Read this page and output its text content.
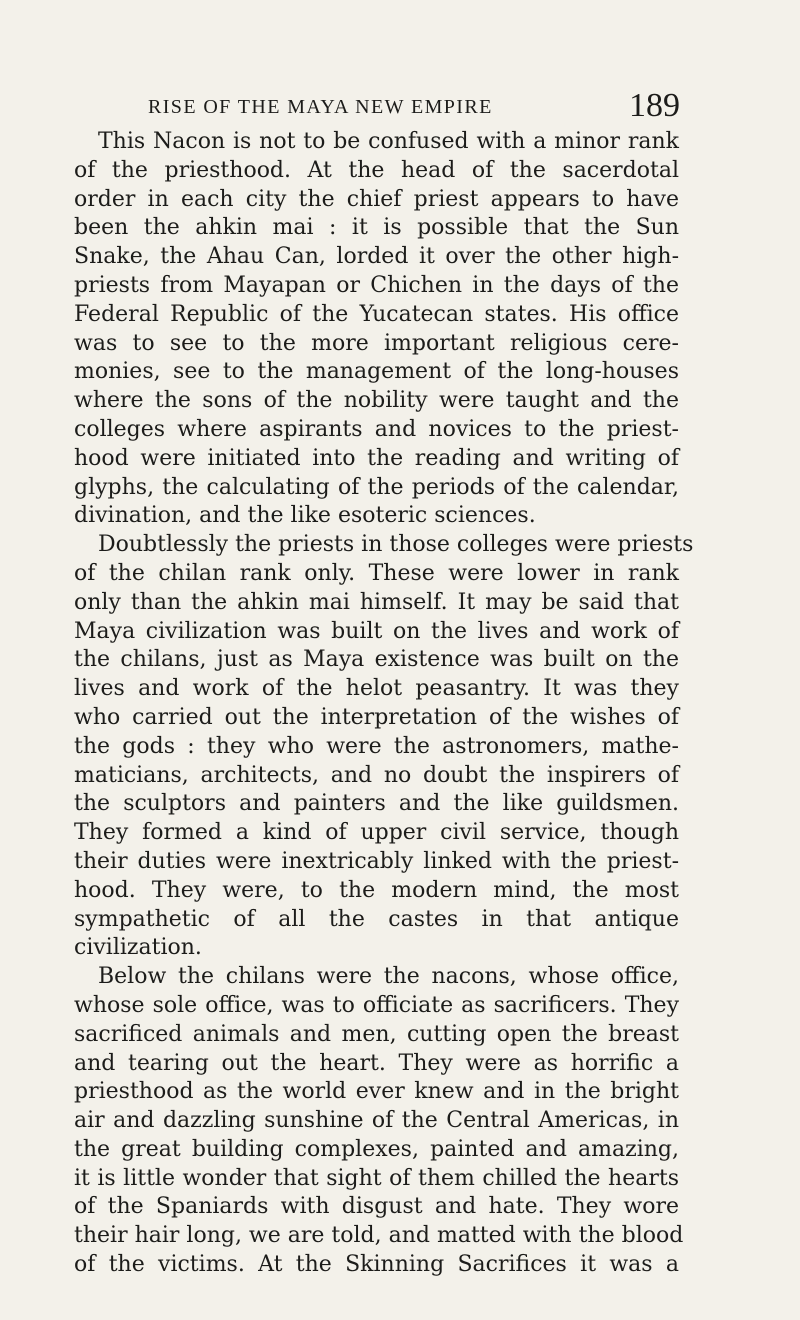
RISE OF THE MAYA NEW EMPIRE	189
This Nacon is not to be confused with a minor rank
of the priesthood. At the head of the sacerdotal
order in each city the chief priest appears to have
been the ahkin mai : it is possible that the Sun
Snake, the Ahau Can, lorded it over the other high-
priests from Mayapan or Chichen in the days of the
Federal Republic of the Yucatecan states. His office
was to see to the more important religious cere-
monies, see to the management of the long-houses
where the sons of the nobility were taught and the
colleges where aspirants and novices to the priest-
hood were initiated into the reading and writing of
glyphs, the calculating of the periods of the calendar,
divination, and the like esoteric sciences.
Doubtlessly the priests in those colleges were priests
of the chilan rank only. These were lower in rank
only than the ahkin mai himself. It may be said that
Maya civilization was built on the lives and work of
the chilans, just as Maya existence was built on the
lives and work of the helot peasantry. It was they
who carried out the interpretation of the wishes of
the gods : they who were the astronomers, mathe-
maticians, architects, and no doubt the inspirers of
the sculptors and painters and the like guildsmen.
They formed a kind of upper civil service, though
their duties were inextricably linked with the priest-
hood. They were, to the modern mind, the most
sympathetic of all the castes in that antique
civilization.
Below the chilans were the nacons, whose office,
whose sole office, was to officiate as sacrificers. They
sacrificed animals and men, cutting open the breast
and tearing out the heart. They were as horrific a
priesthood as the world ever knew and in the bright
air and dazzling sunshine of the Central Americas, in
the great building complexes, painted and amazing,
it is little wonder that sight of them chilled the hearts
of the Spaniards with disgust and hate. They wore
their hair long, we are told, and matted with the blood
of the victims. At the Skinning Sacrifices it was a
